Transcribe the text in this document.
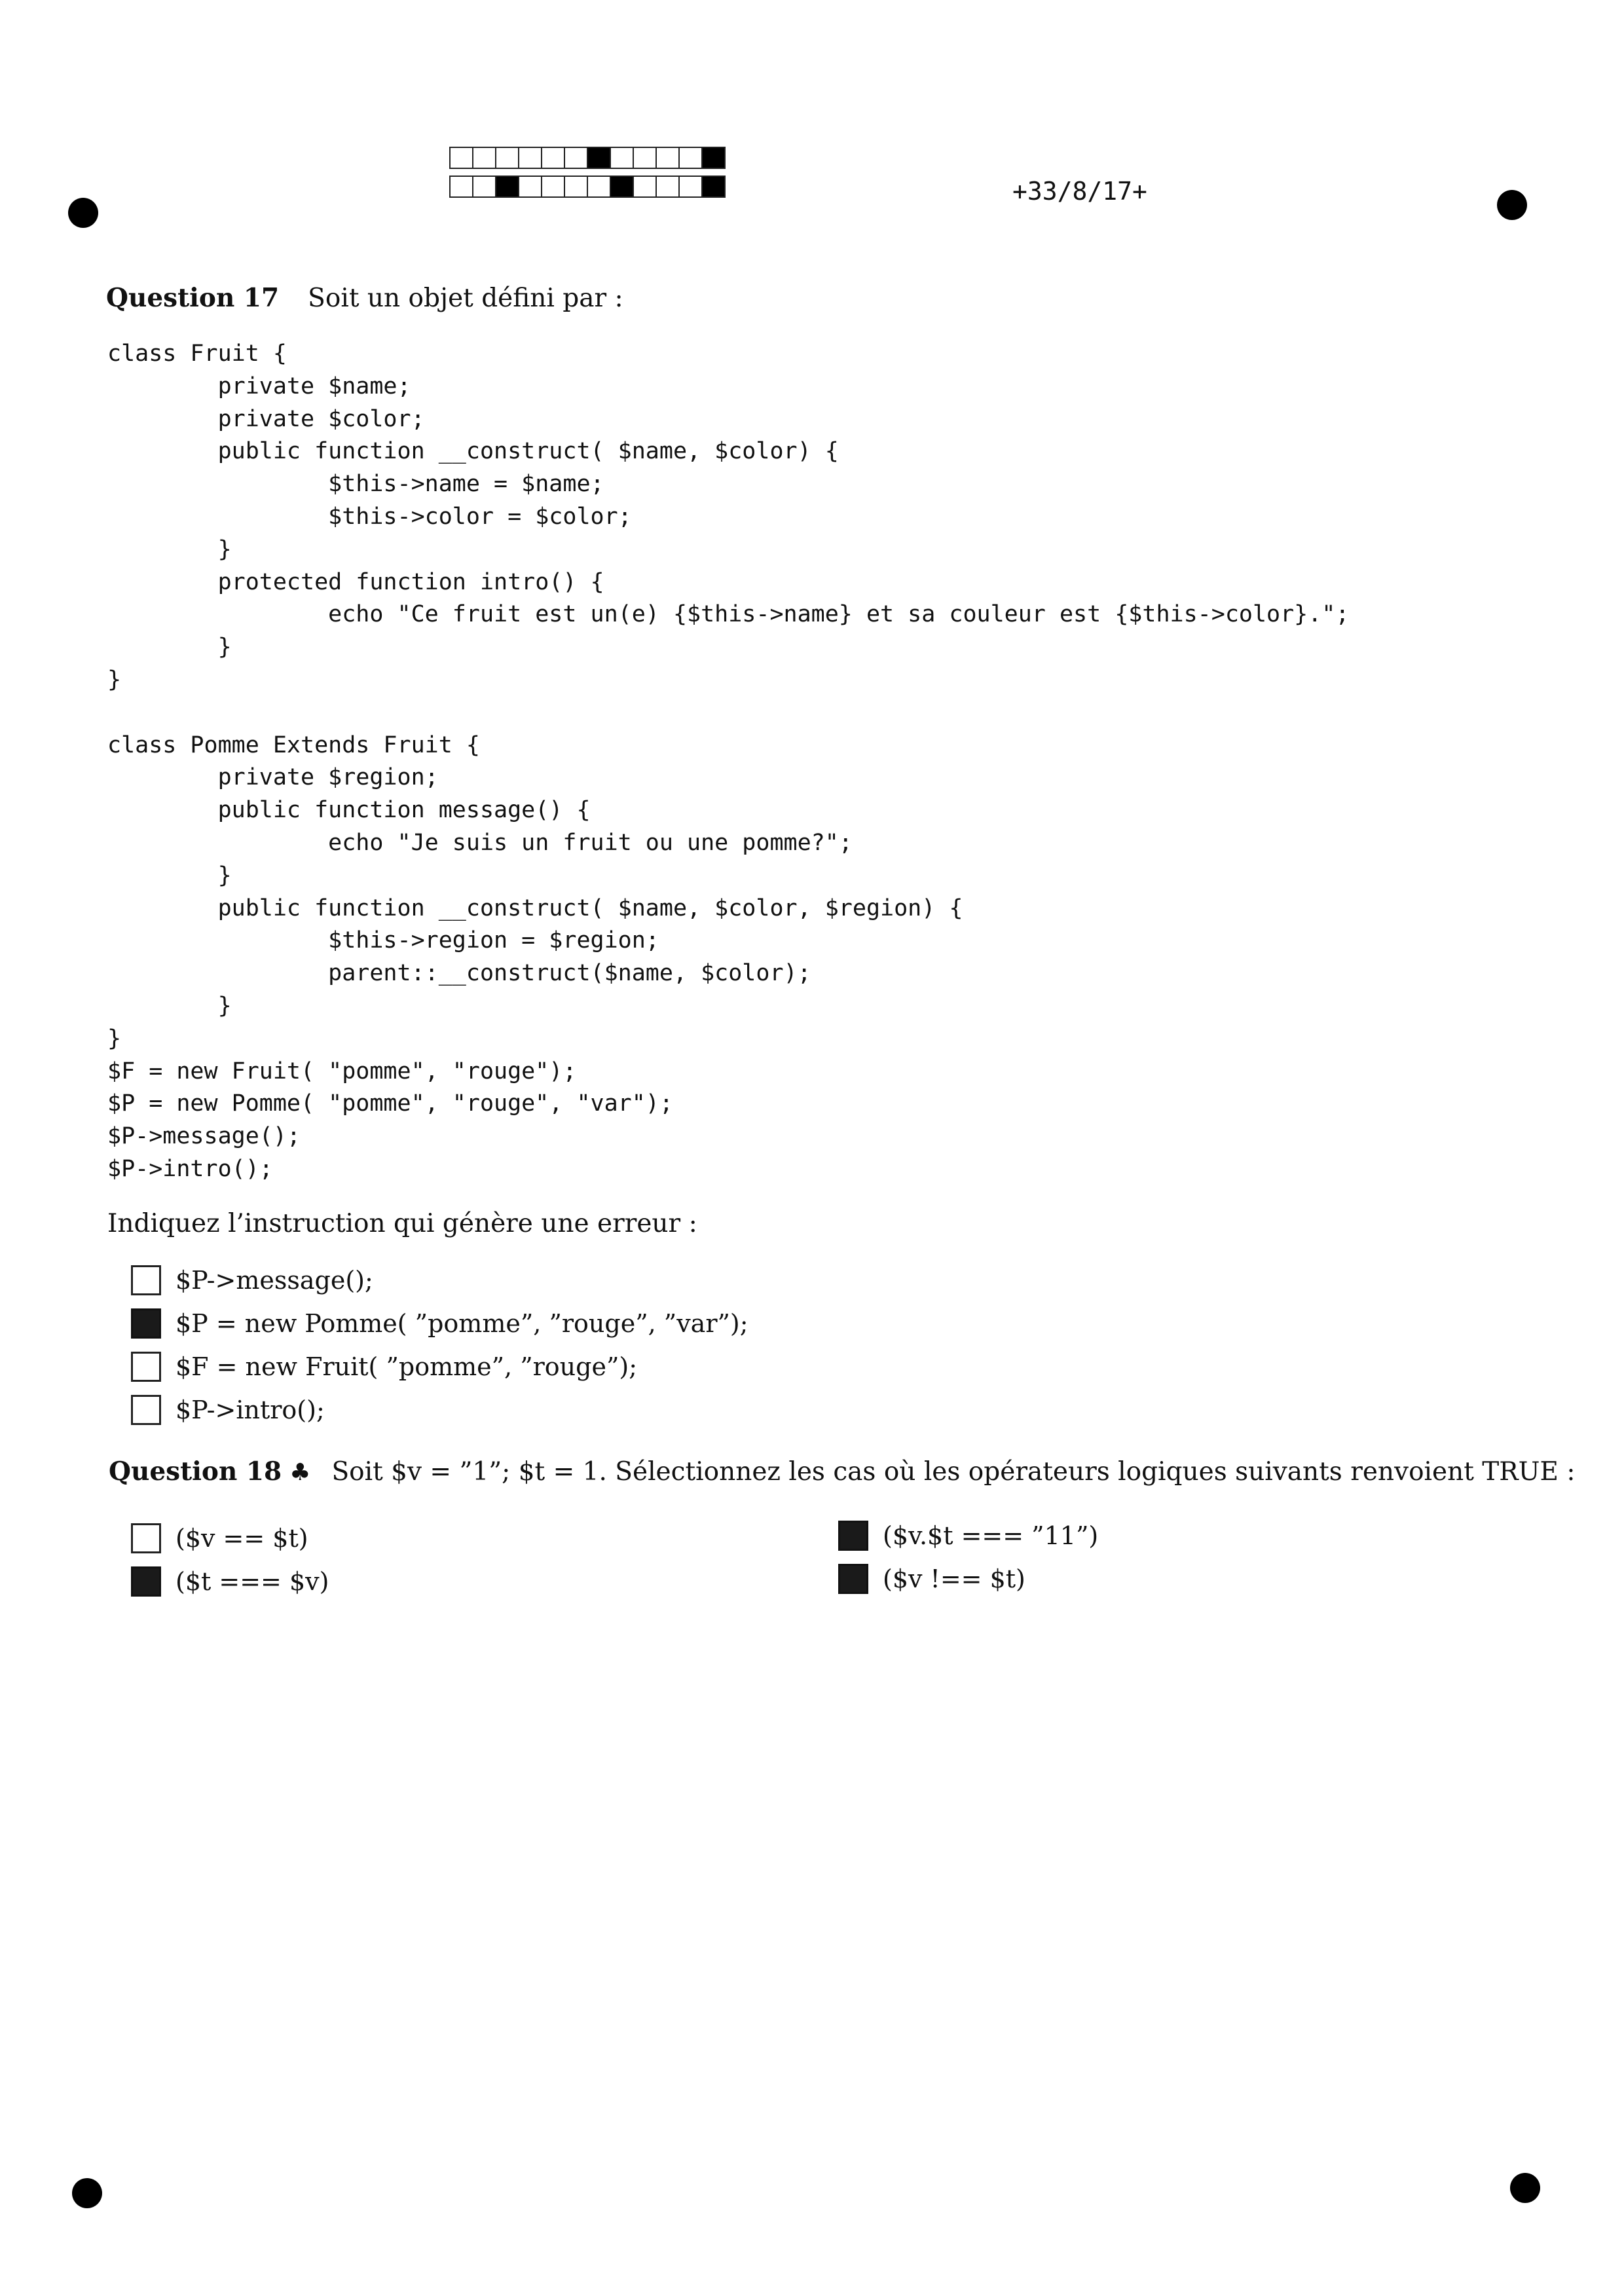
+33/8/17+
Question 17 Soit un objet défini par :
class Fruit {
private $name;
private $color;
public function __construct( $name, $color) {
$this->name = $name;
$this->color = $color;
}
protected function intro() {
echo "Ce fruit est un(e) {$this->name} et sa couleur est {$this->color}.";
}
}

class Pomme Extends Fruit {
private $region;
public function message() {
echo "Je suis un fruit ou une pomme?";
}
public function __construct( $name, $color, $region) {
$this->region = $region;
parent::__construct($name, $color);
}
}
$F = new Fruit( "pomme", "rouge");
$P = new Pomme( "pomme", "rouge", "var");
$P->message();
$P->intro();
Indiquez l’instruction qui génère une erreur :
$P->message();
$P = new Pomme( ”pomme”, ”rouge”, ”var”);
$F = new Fruit( ”pomme”, ”rouge”);
$P->intro();
Question 18 ♣ Soit $v = ”1”; $t = 1. Sélectionnez les cas où les opérateurs logiques suivants renvoient TRUE :
($v == $t)
($t === $v)
($v.$t === ”11”)
($v !== $t)
